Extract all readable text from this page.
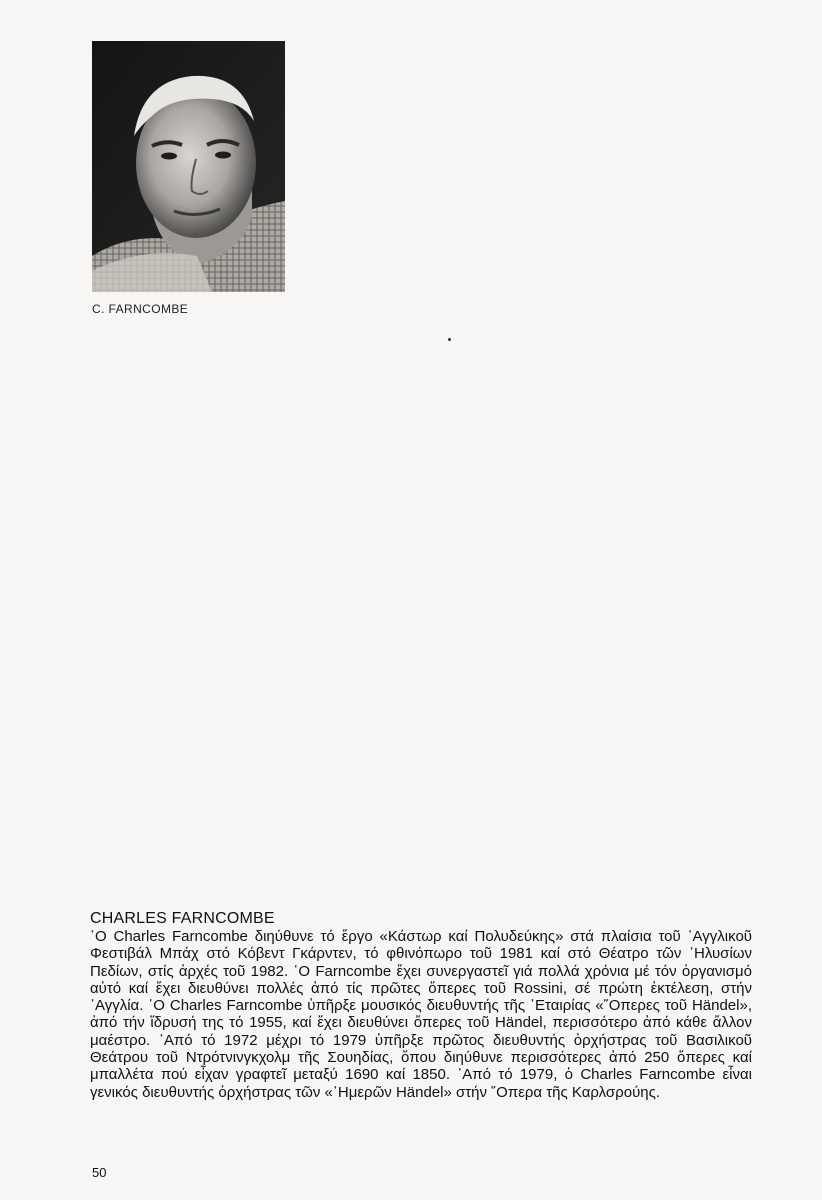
C. FARNCOMBE

CHARLES FARNCOMBE

῾Ο Charles Farncombe διηύθυνε τό ἔργο «Κάστωρ καί Πολυδεύκης» στά πλαίσια τοῦ ᾿Αγγλικοῦ Φεστιβάλ Μπάχ στό Κόβεντ Γκάρντεν, τό φθινόπωρο τοῦ 1981 καί στό Θέατρο τῶν ᾿Ηλυσίων Πεδίων, στίς ἀρχές τοῦ 1982. ῾Ο Farncombe ἔχει συνεργαστεῖ γιά πολλά χρόνια μέ τόν ὀργανισμό αὐτό καί ἔχει διευθύνει πολλές ἀπό τίς πρῶτες ὄπερες τοῦ Rossini, σέ πρώτη ἐκτέλεση, στήν ᾿Αγγλία. ῾Ο Charles Farncombe ὑπῆρξε μουσικός διευθυντής τῆς ῾Εταιρίας «῞Οπερες τοῦ Händel», ἀπό τήν ἵδρυσή της τό 1955, καί ἔχει διευθύνει ὄπερες τοῦ Händel, περισσότερο ἀπό κάθε ἄλλον μαέστρο. ᾿Από τό 1972 μέχρι τό 1979 ὑπῆρξε πρῶτος διευθυντής ὀρχήστρας τοῦ Βασιλικοῦ Θεάτρου τοῦ Ντρότνινγκχολμ τῆς Σουηδίας, ὅπου διηύθυνε περισσότερες ἀπό 250 ὄπερες καί μπαλλέτα πού εἶχαν γραφτεῖ μεταξύ 1690 καί 1850. ᾿Από τό 1979, ὁ Charles Farncombe εἶναι γενικός διευθυντής ὀρχήστρας τῶν «῾Ημερῶν Händel» στήν ῞Οπερα τῆς Καρλσρούης.

50
